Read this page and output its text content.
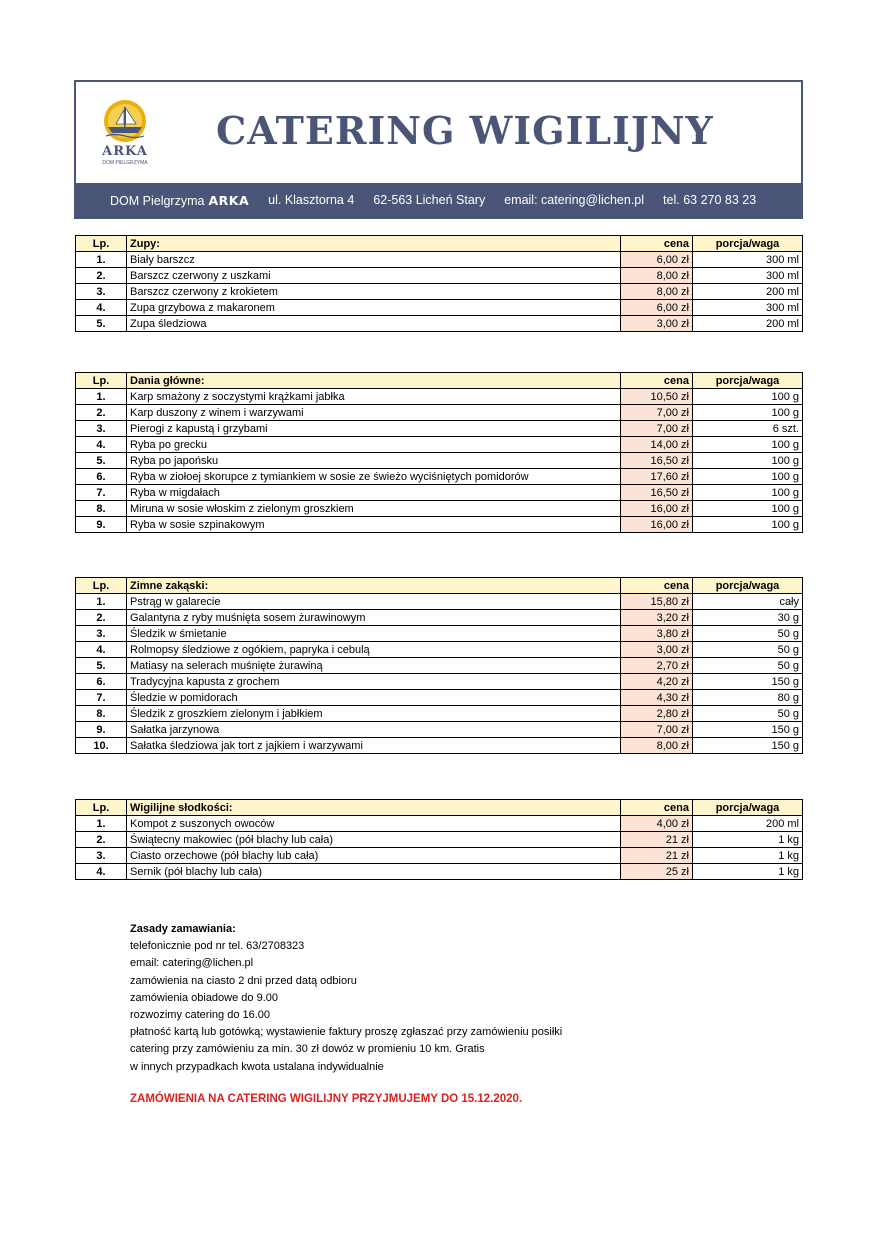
ARKA
DOM PIELGRZYMA
CATERING WIGILIJNY
DOM Pielgrzyma ARKA ul. Klasztorna 4 62-563 Licheń Stary email: catering@lichen.pl tel. 63 270 83 23
Lp.	Zupy:	cena	porcja/waga
1.	Biały barszcz	6,00 zł	300 ml
2.	Barszcz czerwony z uszkami	8,00 zł	300 ml
3.	Barszcz czerwony z krokietem	8,00 zł	200 ml
4.	Zupa grzybowa z makaronem	6,00 zł	300 ml
5.	Zupa śledziowa	3,00 zł	200 ml
Lp.	Dania główne:	cena	porcja/waga
1.	Karp smażony z soczystymi krążkami jabłka	10,50 zł	100 g
2.	Karp duszony z winem i warzywami	7,00 zł	100 g
3.	Pierogi z kapustą i grzybami	7,00 zł	6 szt.
4.	Ryba po grecku	14,00 zł	100 g
5.	Ryba po japońsku	16,50 zł	100 g
6.	Ryba w ziołoej skorupce z tymiankiem w sosie ze świeżo wyciśniętych pomidorów	17,60 zł	100 g
7.	Ryba w migdałach	16,50 zł	100 g
8.	Miruna w sosie włoskim z zielonym groszkiem	16,00 zł	100 g
9.	Ryba w sosie szpinakowym	16,00 zł	100 g
Lp.	Zimne zakąski:	cena	porcja/waga
1.	Pstrąg w galarecie	15,80 zł	cały
2.	Galantyna z ryby muśnięta sosem żurawinowym	3,20 zł	30 g
3.	Śledzik w śmietanie	3,80 zł	50 g
4.	Rolmopsy śledziowe z ogókiem, papryka i cebulą	3,00 zł	50 g
5.	Matiasy na selerach muśnięte żurawiną	2,70 zł	50 g
6.	Tradycyjna kapusta z grochem	4,20 zł	150 g
7.	Śledzie w pomidorach	4,30 zł	80 g
8.	Śledzik z groszkiem zielonym i jabłkiem	2,80 zł	50 g
9.	Sałatka jarzynowa	7,00 zł	150 g
10.	Sałatka śledziowa jak tort z jajkiem i warzywami	8,00 zł	150 g
Lp.	Wigilijne słodkości:	cena	porcja/waga
1.	Kompot z suszonych owoców	4,00 zł	200 ml
2.	Świątecny makowiec (pół blachy lub cała)	21 zł	1 kg
3.	Ciasto orzechowe (pół blachy lub cała)	21 zł	1 kg
4.	Sernik (pół blachy lub cała)	25 zł	1 kg
Zasady zamawiania:
telefonicznie pod nr tel. 63/2708323
email: catering@lichen.pl
zamówienia na ciasto 2 dni przed datą odbioru
zamówienia obiadowe do 9.00
rozwozimy catering do 16.00
płatność kartą lub gotówką; wystawienie faktury proszę zgłaszać przy zamówieniu posiłki
catering przy zamówieniu za min. 30 zł dowóz w promieniu 10 km. Gratis
w innych przypadkach kwota ustalana indywidualnie
ZAMÓWIENIA NA CATERING WIGILIJNY PRZYJMUJEMY DO 15.12.2020.
